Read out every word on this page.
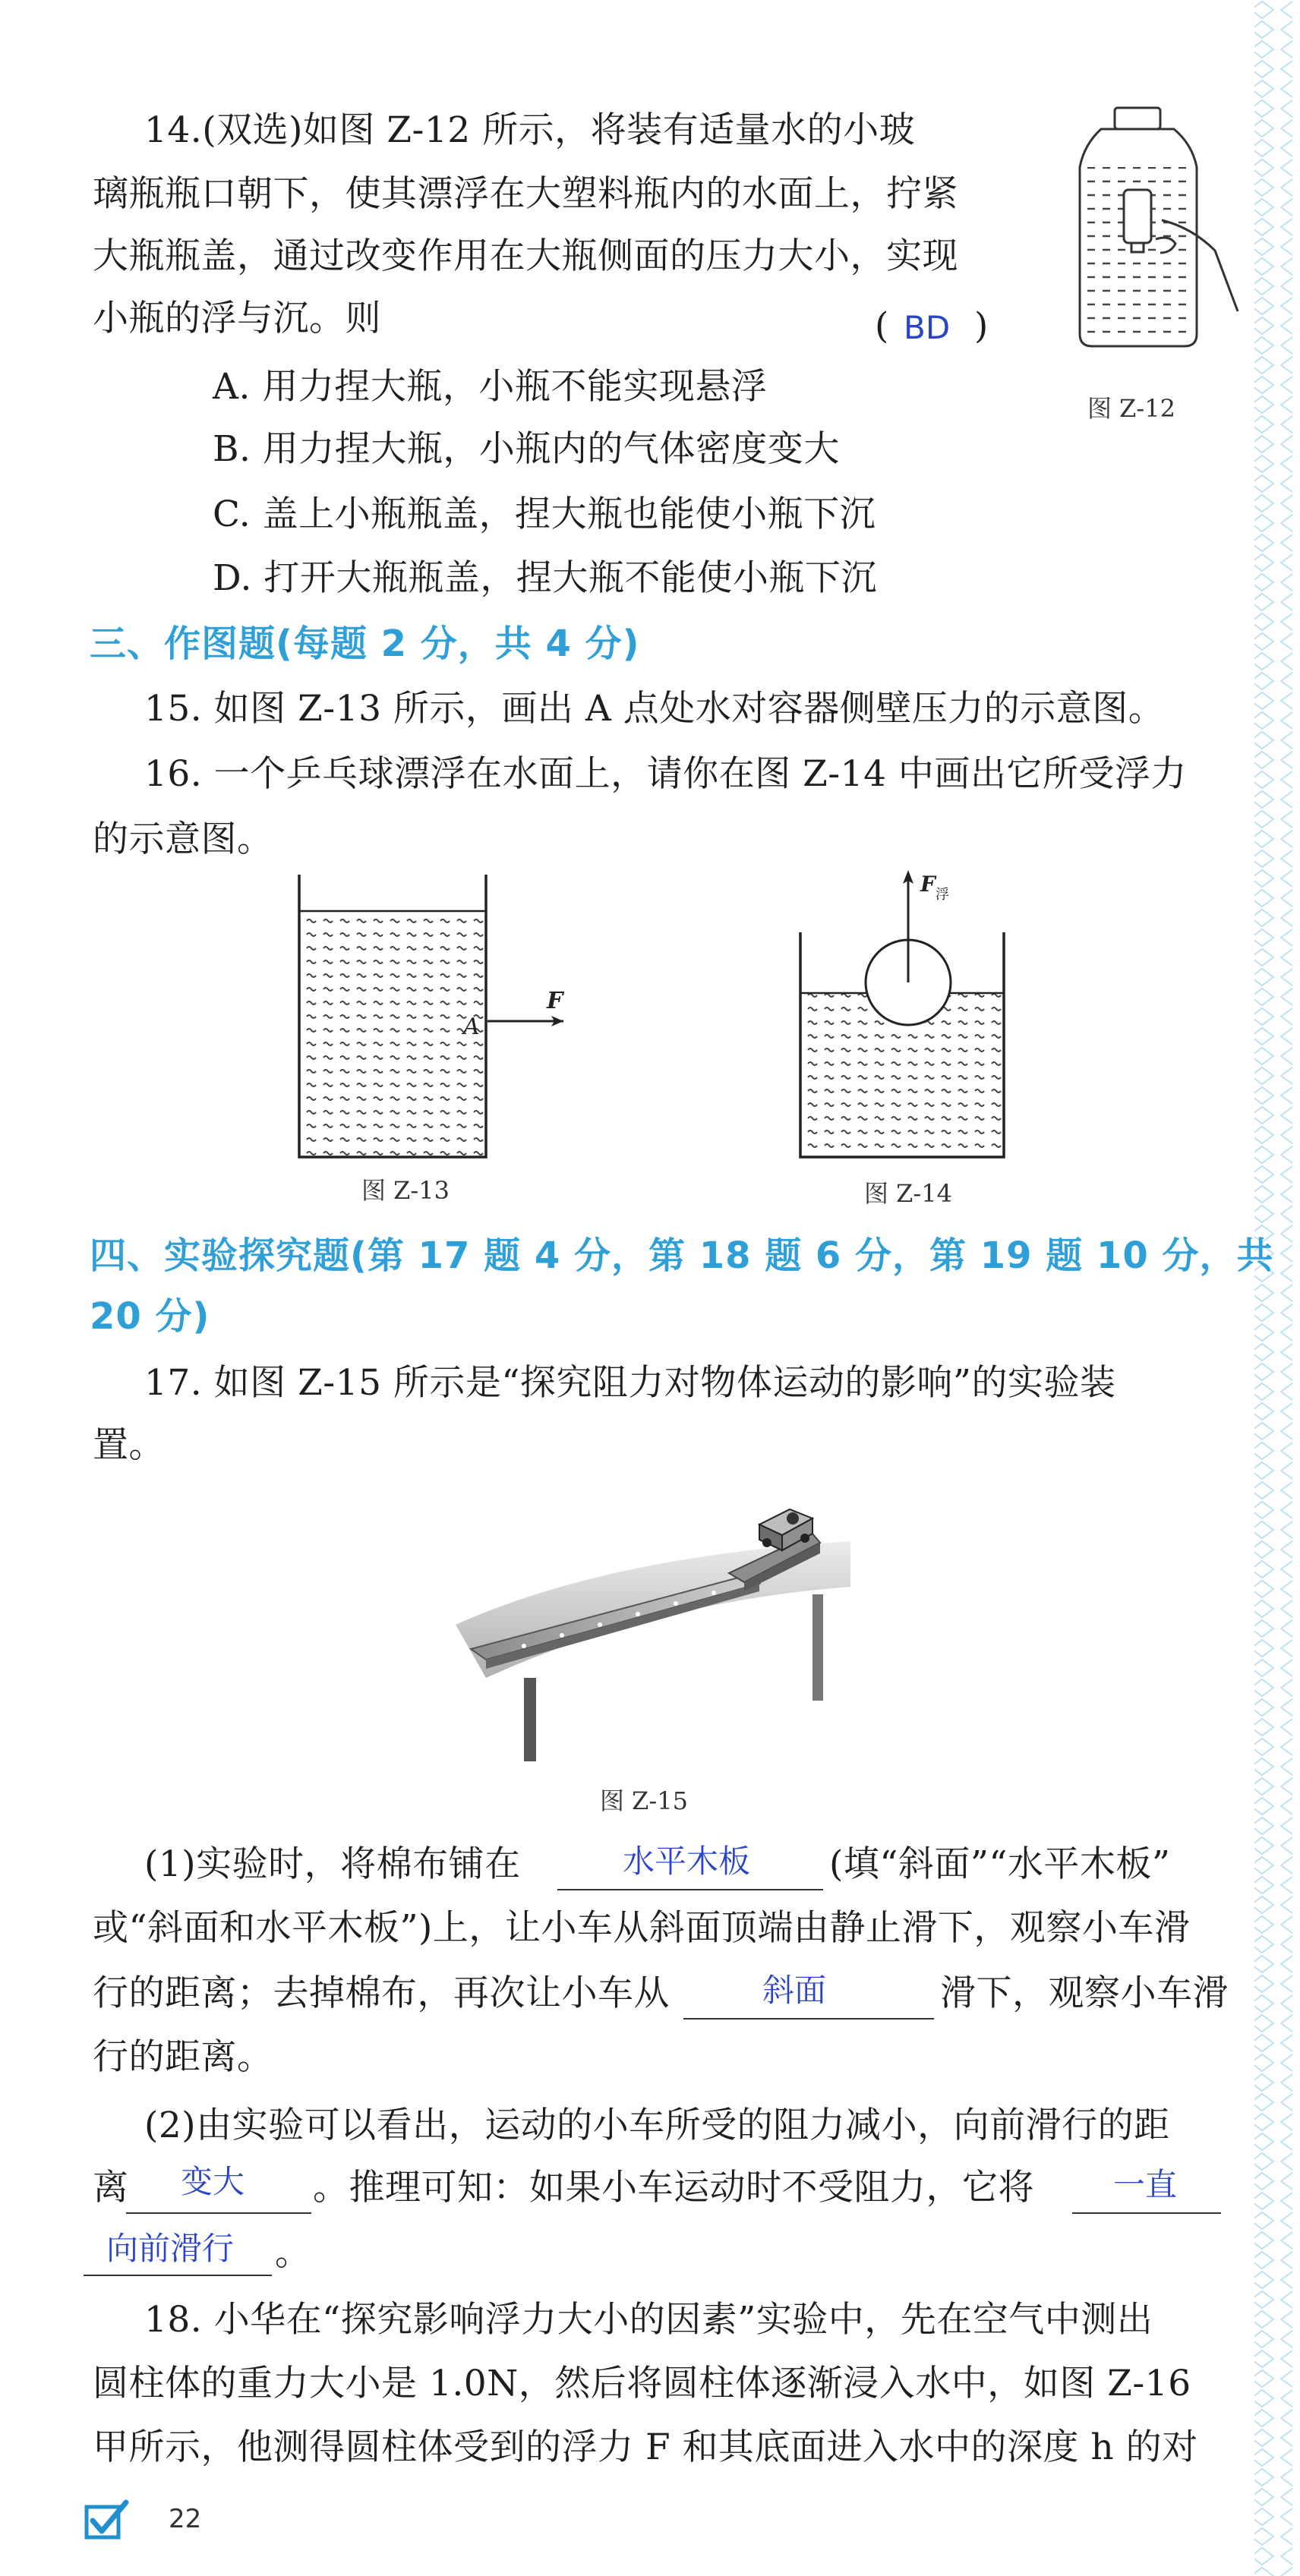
14.(双选)如图 Z-12 所示，将装有适量水的小玻
璃瓶瓶口朝下，使其漂浮在大塑料瓶内的水面上，拧紧
大瓶瓶盖，通过改变作用在大瓶侧面的压力大小，实现
小瓶的浮与沉。则	( BD )
A. 用力捏大瓶，小瓶不能实现悬浮
B. 用力捏大瓶，小瓶内的气体密度变大
C. 盖上小瓶瓶盖，捏大瓶也能使小瓶下沉
D. 打开大瓶瓶盖，捏大瓶不能使小瓶下沉
图 Z-12
三、作图题(每题 2 分，共 4 分)
15. 如图 Z-13 所示，画出 A 点处水对容器侧壁压力的示意图。
16. 一个乒乓球漂浮在水面上，请你在图 Z-14 中画出它所受浮力
的示意图。
A
F
图 Z-13
F 浮
图 Z-14
四、实验探究题(第 17 题 4 分，第 18 题 6 分，第 19 题 10 分，共
20 分)
17. 如图 Z-15 所示是“探究阻力对物体运动的影响”的实验装
置。
图 Z-15
(1)实验时，将棉布铺在	水平木板 (填“斜面”“水平木板”
或“斜面和水平木板”)上，让小车从斜面顶端由静止滑下，观察小车滑
行的距离；去掉棉布，再次让小车从	斜面	滑下，观察小车滑
行的距离。
(2)由实验可以看出，运动的小车所受的阻力减小，向前滑行的距
离 变大 。推理可知：如果小车运动时不受阻力，它将 一直
向前滑行 。
18. 小华在“探究影响浮力大小的因素”实验中，先在空气中测出
圆柱体的重力大小是 1.0N，然后将圆柱体逐渐浸入水中，如图 Z-16
甲所示，他测得圆柱体受到的浮力 F 和其底面进入水中的深度 h 的对
22
